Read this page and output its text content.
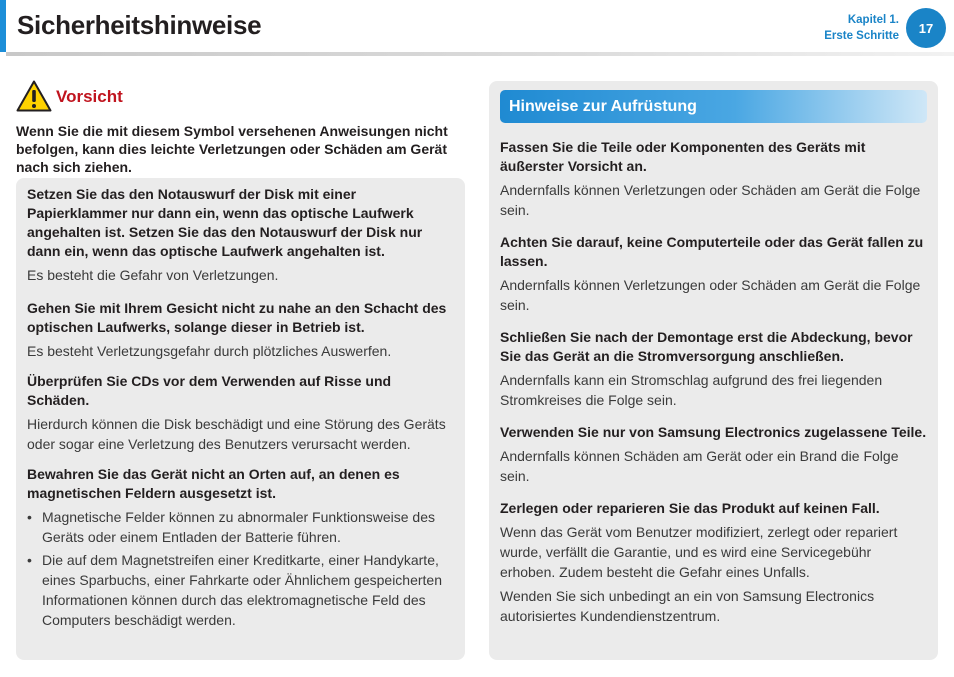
Sicherheitshinweise	Kapitel 1.
Erste Schritte
17
Vorsicht
Wenn Sie die mit diesem Symbol versehenen Anweisungen nicht befolgen, kann dies leichte Verletzungen oder Schäden am Gerät nach sich ziehen.
Setzen Sie das den Notauswurf der Disk mit einer Papierklammer nur dann ein, wenn das optische Laufwerk angehalten ist. Setzen Sie das den Notauswurf der Disk nur dann ein, wenn das optische Laufwerk angehalten ist.
Es besteht die Gefahr von Verletzungen.
Gehen Sie mit Ihrem Gesicht nicht zu nahe an den Schacht des optischen Laufwerks, solange dieser in Betrieb ist.
Es besteht Verletzungsgefahr durch plötzliches Auswerfen.
Überprüfen Sie CDs vor dem Verwenden auf Risse und Schäden.
Hierdurch können die Disk beschädigt und eine Störung des Geräts oder sogar eine Verletzung des Benutzers verursacht werden.
Bewahren Sie das Gerät nicht an Orten auf, an denen es magnetischen Feldern ausgesetzt ist.
• Magnetische Felder können zu abnormaler Funktionsweise des Geräts oder einem Entladen der Batterie führen.
• Die auf dem Magnetstreifen einer Kreditkarte, einer Handykarte, eines Sparbuchs, einer Fahrkarte oder Ähnlichem gespeicherten Informationen können durch das elektromagnetische Feld des Computers beschädigt werden.
Hinweise zur Aufrüstung
Fassen Sie die Teile oder Komponenten des Geräts mit äußerster Vorsicht an.
Andernfalls können Verletzungen oder Schäden am Gerät die Folge sein.
Achten Sie darauf, keine Computerteile oder das Gerät fallen zu lassen.
Andernfalls können Verletzungen oder Schäden am Gerät die Folge sein.
Schließen Sie nach der Demontage erst die Abdeckung, bevor Sie das Gerät an die Stromversorgung anschließen.
Andernfalls kann ein Stromschlag aufgrund des frei liegenden Stromkreises die Folge sein.
Verwenden Sie nur von Samsung Electronics zugelassene Teile.
Andernfalls können Schäden am Gerät oder ein Brand die Folge sein.
Zerlegen oder reparieren Sie das Produkt auf keinen Fall.
Wenn das Gerät vom Benutzer modifiziert, zerlegt oder repariert wurde, verfällt die Garantie, und es wird eine Servicegebühr erhoben. Zudem besteht die Gefahr eines Unfalls.
Wenden Sie sich unbedingt an ein von Samsung Electronics autorisiertes Kundendienstzentrum.
